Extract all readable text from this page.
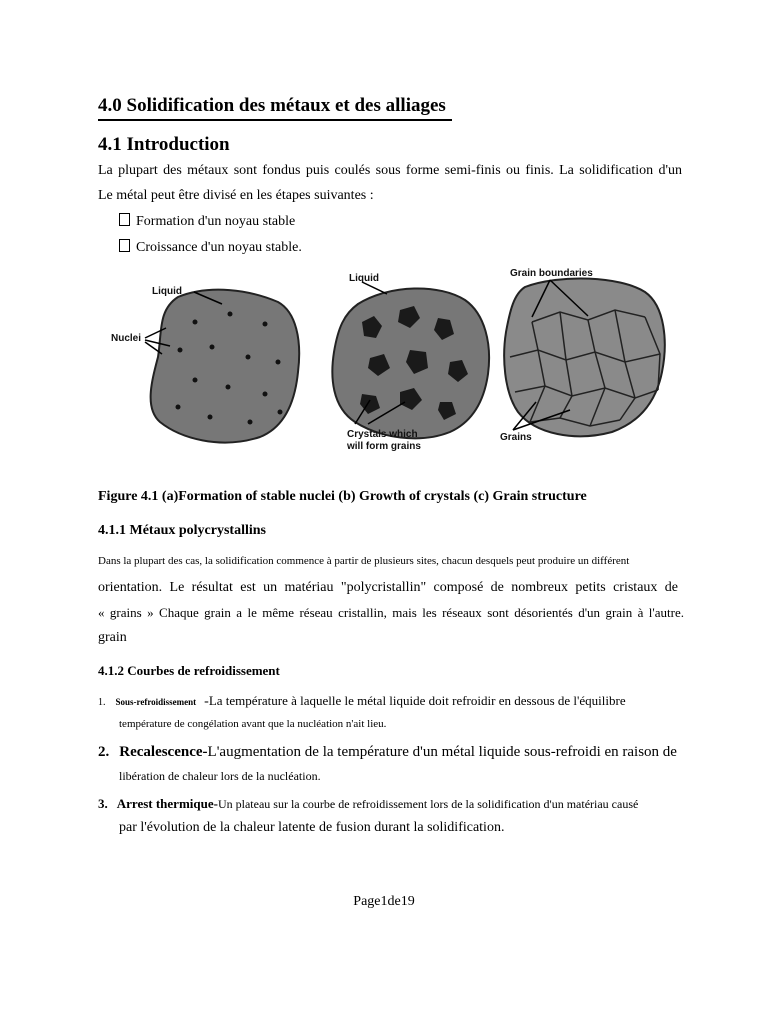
4.0 Solidification des métaux et des alliages
4.1 Introduction
La plupart des métaux sont fondus puis coulés sous forme semi-finis ou finis. La solidification d'un
Le métal peut être divisé en les étapes suivantes :
Formation d'un noyau stable
Croissance d'un noyau stable.
Liquid
Nuclei
Liquid
Crystals which
will form grains
Grain boundaries
Grains
Figure 4.1 (a)Formation of stable nuclei (b) Growth of crystals (c) Grain structure
4.1.1 Métaux polycrystallins
Dans la plupart des cas, la solidification commence à partir de plusieurs sites, chacun desquels peut produire un différent
orientation. Le résultat est un matériau "polycristallin" composé de nombreux petits cristaux de
« grains » Chaque grain a le même réseau cristallin, mais les réseaux sont désorientés d'un grain à l'autre.
grain
4.1.2 Courbes de refroidissement
1. Sous-refroidissement -La température à laquelle le métal liquide doit refroidir en dessous de l'équilibre
température de congélation avant que la nucléation n'ait lieu.
2. Recalescence-L'augmentation de la température d'un métal liquide sous-refroidi en raison de
libération de chaleur lors de la nucléation.
3. Arrest thermique-Un plateau sur la courbe de refroidissement lors de la solidification d'un matériau causé
par l'évolution de la chaleur latente de fusion durant la solidification.
Page1de19
